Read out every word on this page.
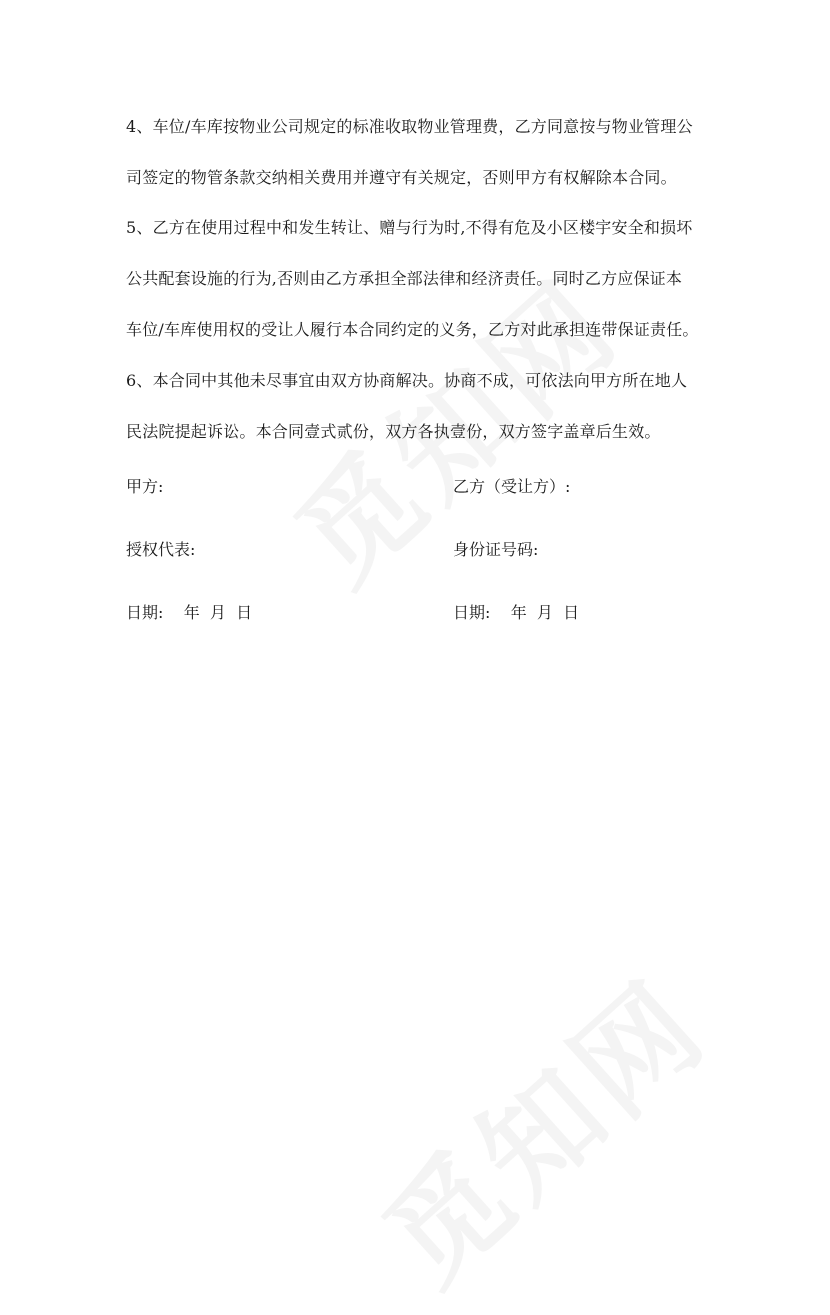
4、车位/车库按物业公司规定的标准收取物业管理费，乙方同意按与物业管理公
司签定的物管条款交纳相关费用并遵守有关规定，否则甲方有权解除本合同。
5、乙方在使用过程中和发生转让、赠与行为时,不得有危及小区楼宇安全和损坏
公共配套设施的行为,否则由乙方承担全部法律和经济责任。同时乙方应保证本
车位/车库使用权的受让人履行本合同约定的义务，乙方对此承担连带保证责任。
6、本合同中其他未尽事宜由双方协商解决。协商不成，可依法向甲方所在地人
民法院提起诉讼。本合同壹式贰份，双方各执壹份，双方签字盖章后生效。
甲方:	乙方（受让方）:
授权代表:	身份证号码:
日期:    年  月  日	日期:    年  月  日
